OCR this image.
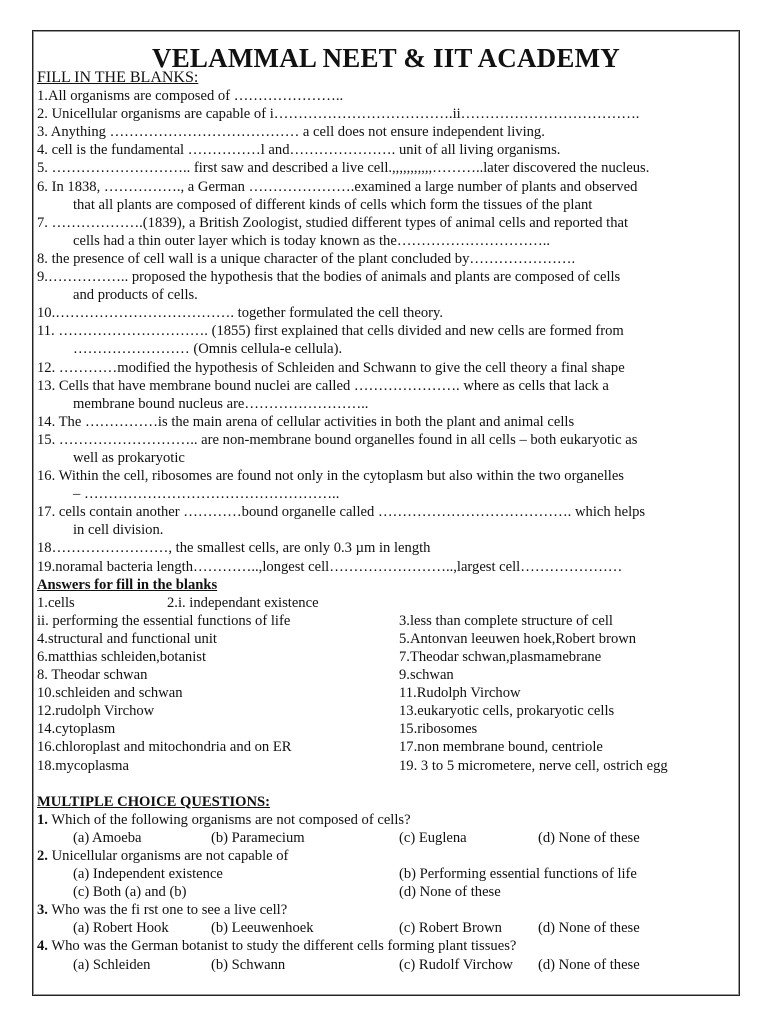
VELAMMAL NEET & IIT ACADEMY
FILL IN THE BLANKS:
1.All organisms are composed of …………………..
2. Unicellular organisms are capable of i……………………………….ii……………………………….
3. Anything ………………………………… a cell does not ensure independent living.
4. cell is the fundamental ……………l and…………………. unit of all living organisms.
5. ……………………….. first saw and described a live cell.,,,,,,,,,,,………..later discovered the nucleus.
6. In 1838, ……………., a German ………………….examined a large number of plants and observed
that all plants are composed of different kinds of cells which form the tissues of the plant
7. ……………….(1839), a British Zoologist, studied different types of animal cells and reported that
cells had a thin outer layer which is today known as the…………………………..
8. the presence of cell wall is a unique character of the plant concluded by………………….
9.…………….. proposed the hypothesis that the bodies of animals and plants are composed of cells
and products of cells.
10.………………………………. together formulated the cell theory.
11. …………………………. (1855) first explained that cells divided and new cells are formed from
…………………… (Omnis cellula-e cellula).
12. …………modified the hypothesis of Schleiden and Schwann to give the cell theory a final shape
13. Cells that have membrane bound nuclei are called …………………. where as cells that lack a
membrane bound nucleus are……………………..
14. The ……………is the main arena of cellular activities in both the plant and animal cells
15. ……………………….. are non-membrane bound organelles found in all cells – both eukaryotic as
well as prokaryotic
16. Within the cell, ribosomes are found not only in the cytoplasm but also within the two organelles
– ……………………………………………..
17. cells contain another …………bound organelle called …………………………………. which helps
in cell division.
18……………………, the smallest cells, are only 0.3 µm in length
19.noramal bacteria length…………..,longest cell……………………..,largest cell…………………
Answers for fill in the blanks
1.cells	2.i. independant existence
ii. performing the essential functions of life	3.less than complete structure of cell
4.structural and functional unit	5.Antonvan leeuwen hoek,Robert brown
6.matthias schleiden,botanist	7.Theodar schwan,plasmamebrane
8. Theodar schwan	9.schwan
10.schleiden and schwan	11.Rudolph Virchow
12.rudolph Virchow	13.eukaryotic cells, prokaryotic cells
14.cytoplasm	15.ribosomes
16.chloroplast and mitochondria and on ER	17.non membrane bound, centriole
18.mycoplasma	19. 3 to 5 micrometere, nerve cell, ostrich egg
MULTIPLE CHOICE QUESTIONS:
1. Which of the following organisms are not composed of cells?
(a) Amoeba	(b) Paramecium	(c) Euglena	(d) None of these
2. Unicellular organisms are not capable of
(a) Independent existence	(b) Performing essential functions of life
(c) Both (a) and (b)	(d) None of these
3. Who was the fi rst one to see a live cell?
(a) Robert Hook	(b) Leeuwenhoek	(c) Robert Brown	(d) None of these
4. Who was the German botanist to study the different cells forming plant tissues?
(a) Schleiden	(b) Schwann	(c) Rudolf Virchow	(d) None of these
